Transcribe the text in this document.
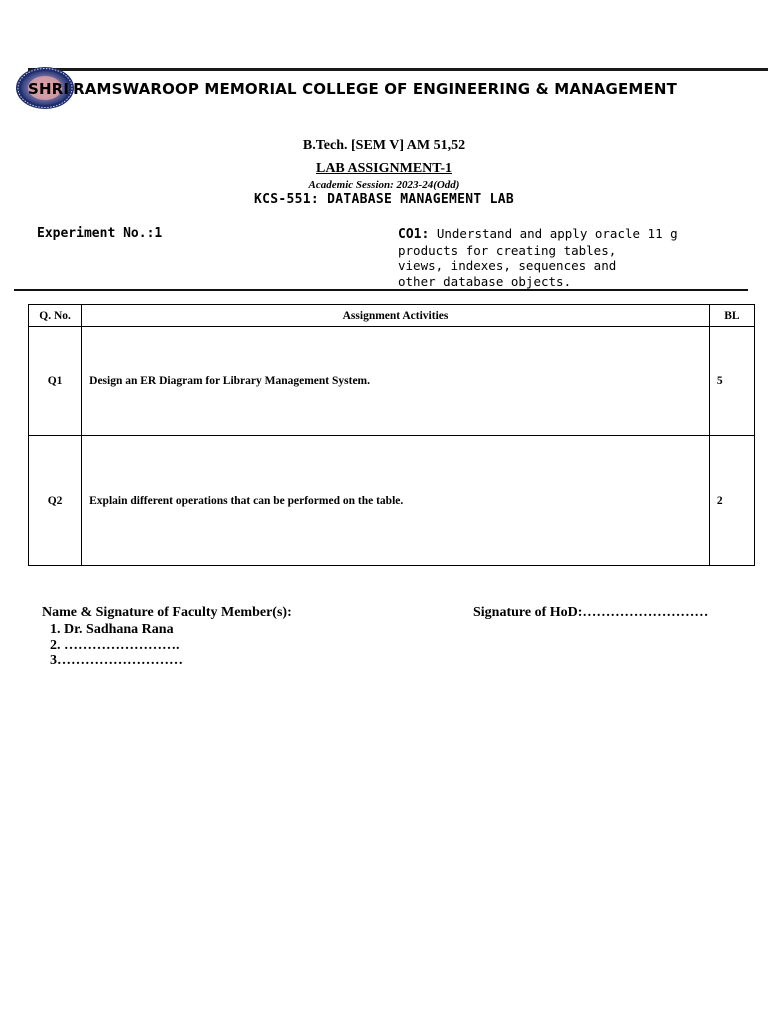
SHRI RAMSWAROOP MEMORIAL COLLEGE OF ENGINEERING & MANAGEMENT
B.Tech. [SEM V] AM 51,52
LAB ASSIGNMENT-1
Academic Session: 2023-24(Odd)
KCS-551: DATABASE MANAGEMENT LAB
Experiment No.:1	CO1: Understand and apply oracle 11 g
products for creating tables,
views, indexes, sequences and
other database objects.
Q. No.	Assignment Activities	BL
Q1	Design an ER Diagram for Library Management System.	5
Q2	Explain different operations that can be performed on the table.	2
Name & Signature of Faculty Member(s):	Signature of HoD:………………………
1. Dr. Sadhana Rana
2. …………………….
3………………………
